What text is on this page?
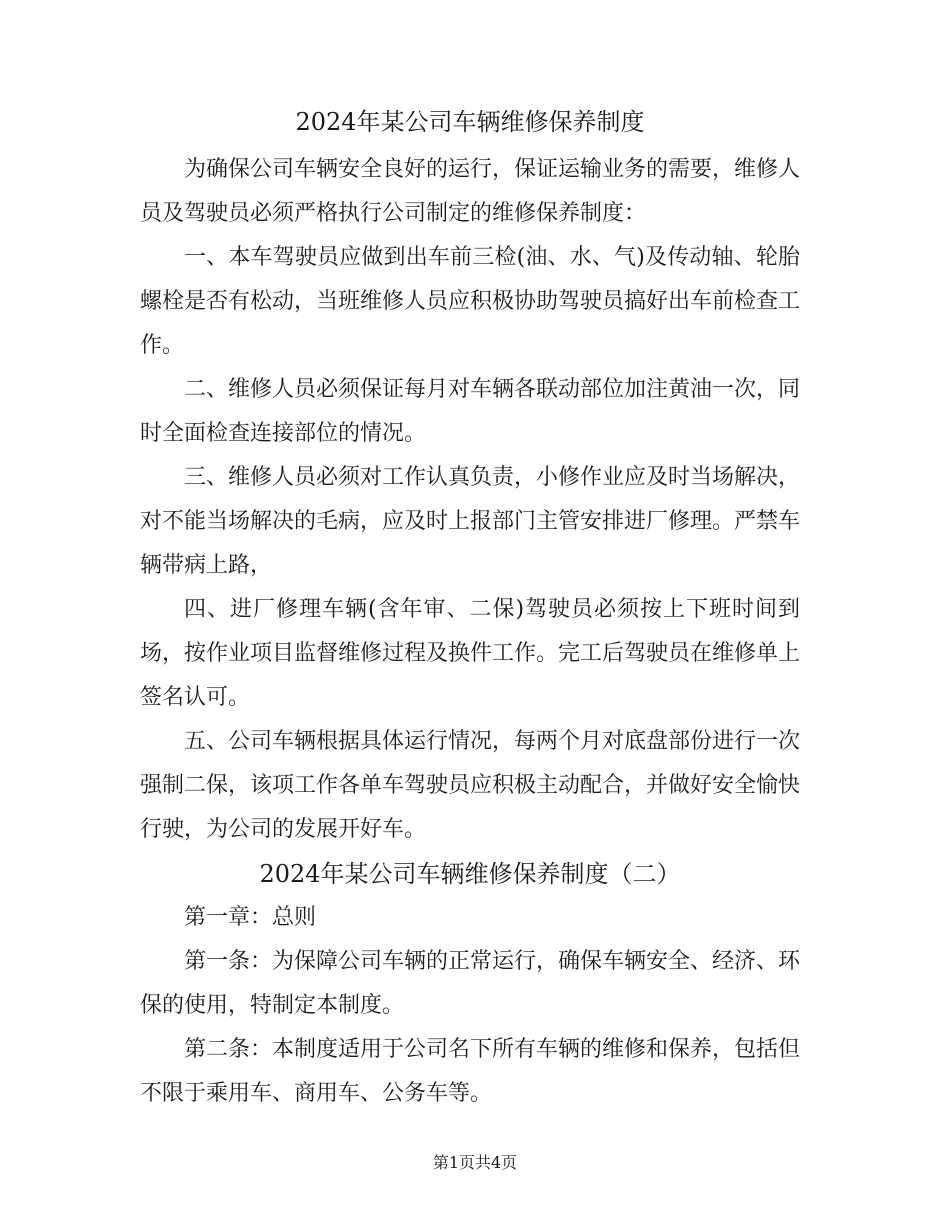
2024年某公司车辆维修保养制度

为确保公司车辆安全良好的运行，保证运输业务的需要，维修人员及驾驶员必须严格执行公司制定的维修保养制度：

一、本车驾驶员应做到出车前三检(油、水、气)及传动轴、轮胎螺栓是否有松动，当班维修人员应积极协助驾驶员搞好出车前检查工作。

二、维修人员必须保证每月对车辆各联动部位加注黄油一次，同时全面检查连接部位的情况。

三、维修人员必须对工作认真负责，小修作业应及时当场解决，对不能当场解决的毛病，应及时上报部门主管安排进厂修理。严禁车辆带病上路，

四、进厂修理车辆(含年审、二保)驾驶员必须按上下班时间到场，按作业项目监督维修过程及换件工作。完工后驾驶员在维修单上签名认可。

五、公司车辆根据具体运行情况，每两个月对底盘部份进行一次强制二保，该项工作各单车驾驶员应积极主动配合，并做好安全愉快行驶，为公司的发展开好车。

2024年某公司车辆维修保养制度（二）

第一章：总则

第一条：为保障公司车辆的正常运行，确保车辆安全、经济、环保的使用，特制定本制度。

第二条：本制度适用于公司名下所有车辆的维修和保养，包括但不限于乘用车、商用车、公务车等。

第1页共4页
